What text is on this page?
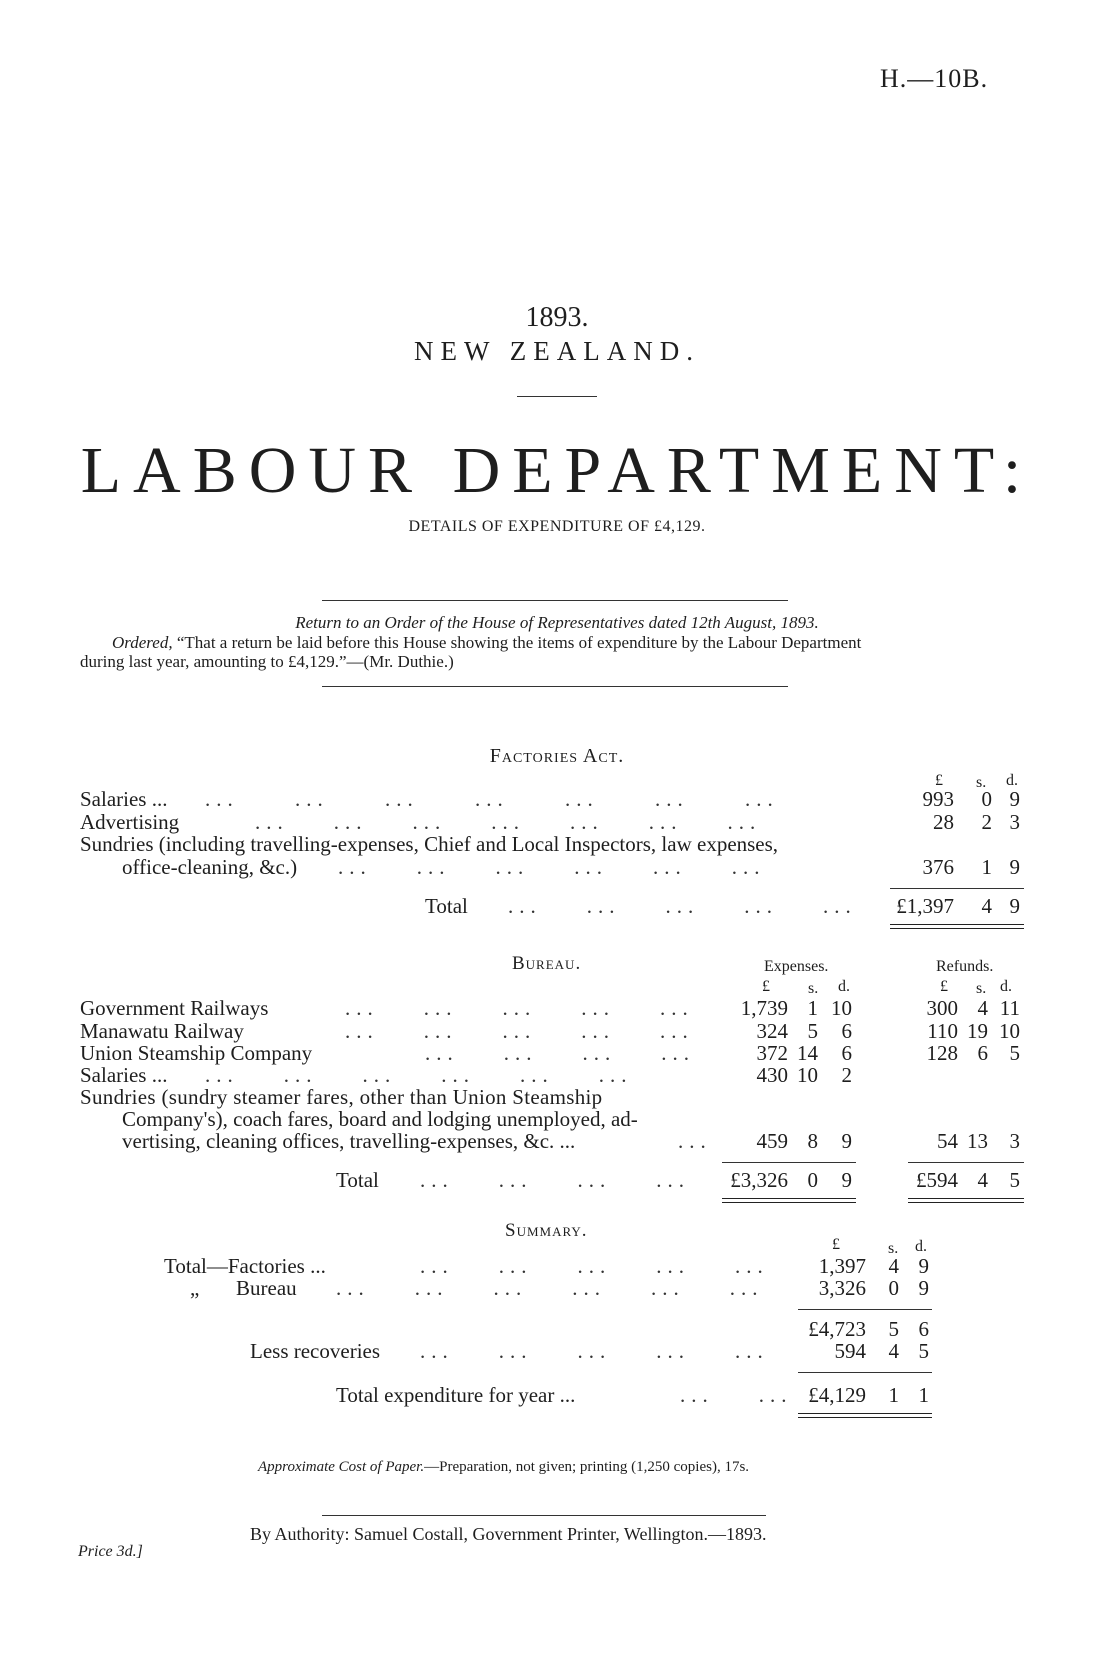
H.—10B.
1893.
NEW ZEALAND.
LABOUR DEPARTMENT:
DETAILS OF EXPENDITURE OF £4,129.
Return to an Order of the House of Representatives dated 12th August, 1893.
Ordered, “That a return be laid before this House showing the items of expenditure by the Labour Department
during last year, amounting to £4,129.”—(Mr. Duthie.)
Factories Act.
£ s. d.
Salaries ... ...     ...     ...     ...     ...     ...     ...	993	0 9
Advertising	...    ...    ...    ...    ...    ...    ...	28	2 3
Sundries (including travelling-expenses, Chief and Local Inspectors, law expenses,
office-cleaning, &c.) ...    ...    ...    ...    ...    ...	376	1 9
Total ...    ...    ...    ...    ...	£1,397	4 9
Bureau.	Expenses.	Refunds.
£ s. d.	£ s. d.
Government Railways	...    ...    ...    ...    ...	1,739 1 10	300 4 11
Manawatu Railway	...    ...    ...    ...    ...	324 5	6	110 19 10
Union Steamship Company	...    ...    ...    ...	372 14	6	128 6	5
Salaries ... ...    ...    ...    ...    ...    ...	430 10	2
Sundries (sundry steamer fares, other than Union Steamship
Company's), coach fares, board and lodging unemployed, ad-
vertising, cleaning offices, travelling-expenses, &c. ...	...	459 8	9	54 13	3
Total ...    ...    ...    ...	£3,326 0	9	£594 4	5
Summary.
£	s. d.
Total—Factories ...	...    ...    ...    ...    ...	1,397	4 9
„ Bureau ...    ...    ...    ...    ...    ...	3,326	0 9
£4,723	5 6
Less recoveries ...    ...    ...    ...    ...	594	4 5
Total expenditure for year ...	...    ... £4,129	1 1
Approximate Cost of Paper.—Preparation, not given; printing (1,250 copies), 17s.
By Authority: Samuel Costall, Government Printer, Wellington.—1893.
Price 3d.]
